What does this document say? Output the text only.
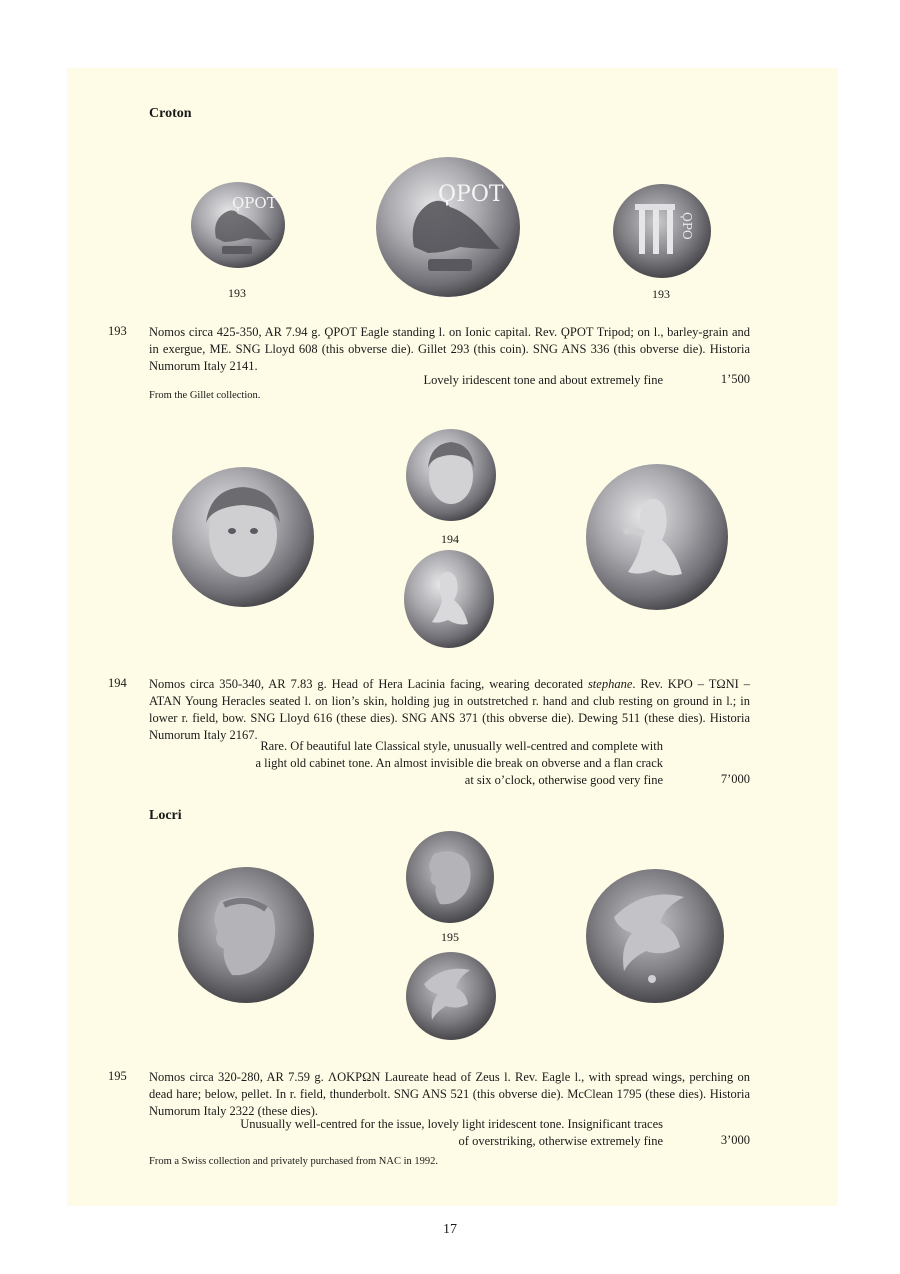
Croton
ϘΡΟΤ	ϘΡΟΤ
ϘΡΟ
193	193
193 Nomos circa 425-350, AR 7.94 g. ϘPOT Eagle standing l. on Ionic capital. Rev. ϘPOT Tripod; on l., barley-grain and in exergue, ME. SNG Lloyd 608 (this obverse die). Gillet 293 (this coin). SNG ANS 336 (this obverse die). Historia Numorum Italy 2141.
Lovely iridescent tone and about extremely fine	1’500
From the Gillet collection.
194
194 Nomos circa 350-340, AR 7.83 g. Head of Hera Lacinia facing, wearing decorated stephane. Rev. KPO – TΩNI – ATAN Young Heracles seated l. on lion’s skin, holding jug in outstretched r. hand and club resting on ground in l.; in lower r. field, bow. SNG Lloyd 616 (these dies). SNG ANS 371 (this obverse die). Dewing 511 (these dies). Historia Numorum Italy 2167.
Rare. Of beautiful late Classical style, unusually well-centred and complete with
a light old cabinet tone. An almost invisible die break on obverse and a flan crack
at six o’clock, otherwise good very fine	7’000
Locri
195
195 Nomos circa 320-280, AR 7.59 g. ΛOKPΩN Laureate head of Zeus l. Rev. Eagle l., with spread wings, perching on dead hare; below, pellet. In r. field, thunderbolt. SNG ANS 521 (this obverse die). McClean 1795 (these dies). Historia Numorum Italy 2322 (these dies).
Unusually well-centred for the issue, lovely light iridescent tone. Insignificant traces
of overstriking, otherwise extremely fine	3’000
From a Swiss collection and privately purchased from NAC in 1992.
17
